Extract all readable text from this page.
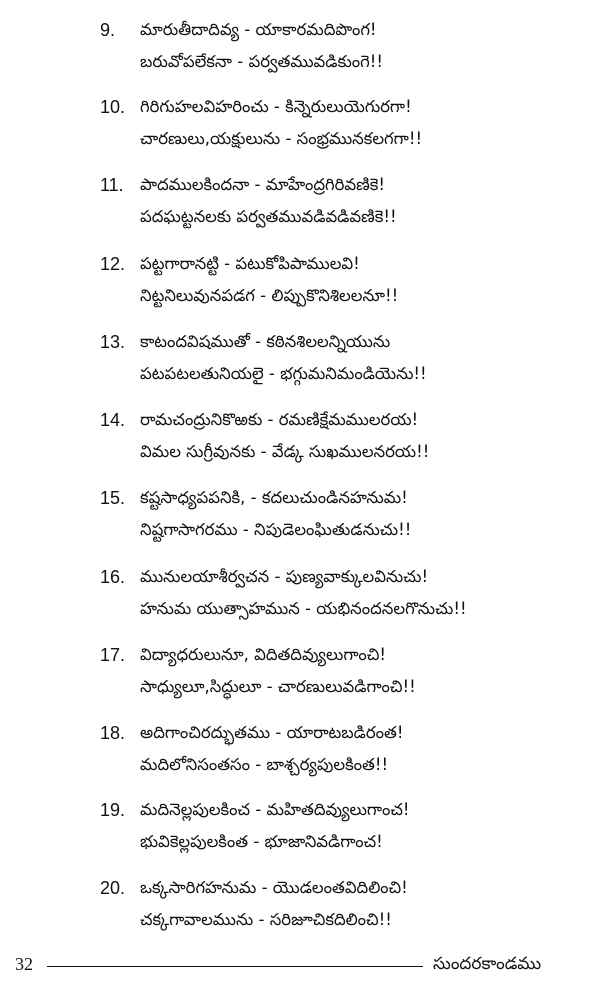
9. మారుతీదాదివ్య - యాకారమదిపొంగ!
బరువోపలేకనా - పర్వతమువడికుంగె!!
10. గిరిగుహలవిహరించు - కిన్నెరులుయెగురగా!
చారణులు,యక్షులును - సంభ్రమునకలగగా!!
11. పాదములకిందనా - మాహేంద్రగిరివణికె!
పదఘట్టనలకు పర్వతమువడివడివణికె!!
12. పట్టగారానట్టి - పటుకోపిపాములవి!
నిట్టనిలువునపడగ - లిప్పుకొనిశిలలనూ!!
13. కాటందవిషముతో - కఠినశిలలన్నియును
పటపటలతునియలై - భగ్గుమనిమండియెను!!
14. రామచంద్రునికొఱకు - రమణిక్షేమములరయ!
విమల సుగ్రీవునకు - వేడ్క సుఖములనరయ!!
15. కష్టసాధ్యపపనికి, - కదలుచుండినహనుమ!
నిష్టగాసాగరము - నిపుడెలంఘితుడనుచు!!
16. మునులయాశీర్వచన - పుణ్యవాక్కులవినుచు!
హనుమ యుత్సాహమున - యభినందనలగొనుచు!!
17. విద్యాధరులునూ, విదితదివ్యులుగాంచి!
సాధ్యులూ,సిద్ధులూ - చారణులువడిగాంచి!!
18. అదిగాంచిరద్భుతము - యారాటబడిరంత!
మదిలోనిసంతసం - బాశ్చర్యపులకింత!!
19. మదినెల్లపులకించ - మహితదివ్యులుగాంచ!
భువికెల్లపులకింత - భూజానివడిగాంచ!
20. ఒక్కసారిగహనుమ - యొడలంతవిదిలించి!
చక్కగావాలమును - సరిజూచికదిలించి!!
32	సుందరకాండము
